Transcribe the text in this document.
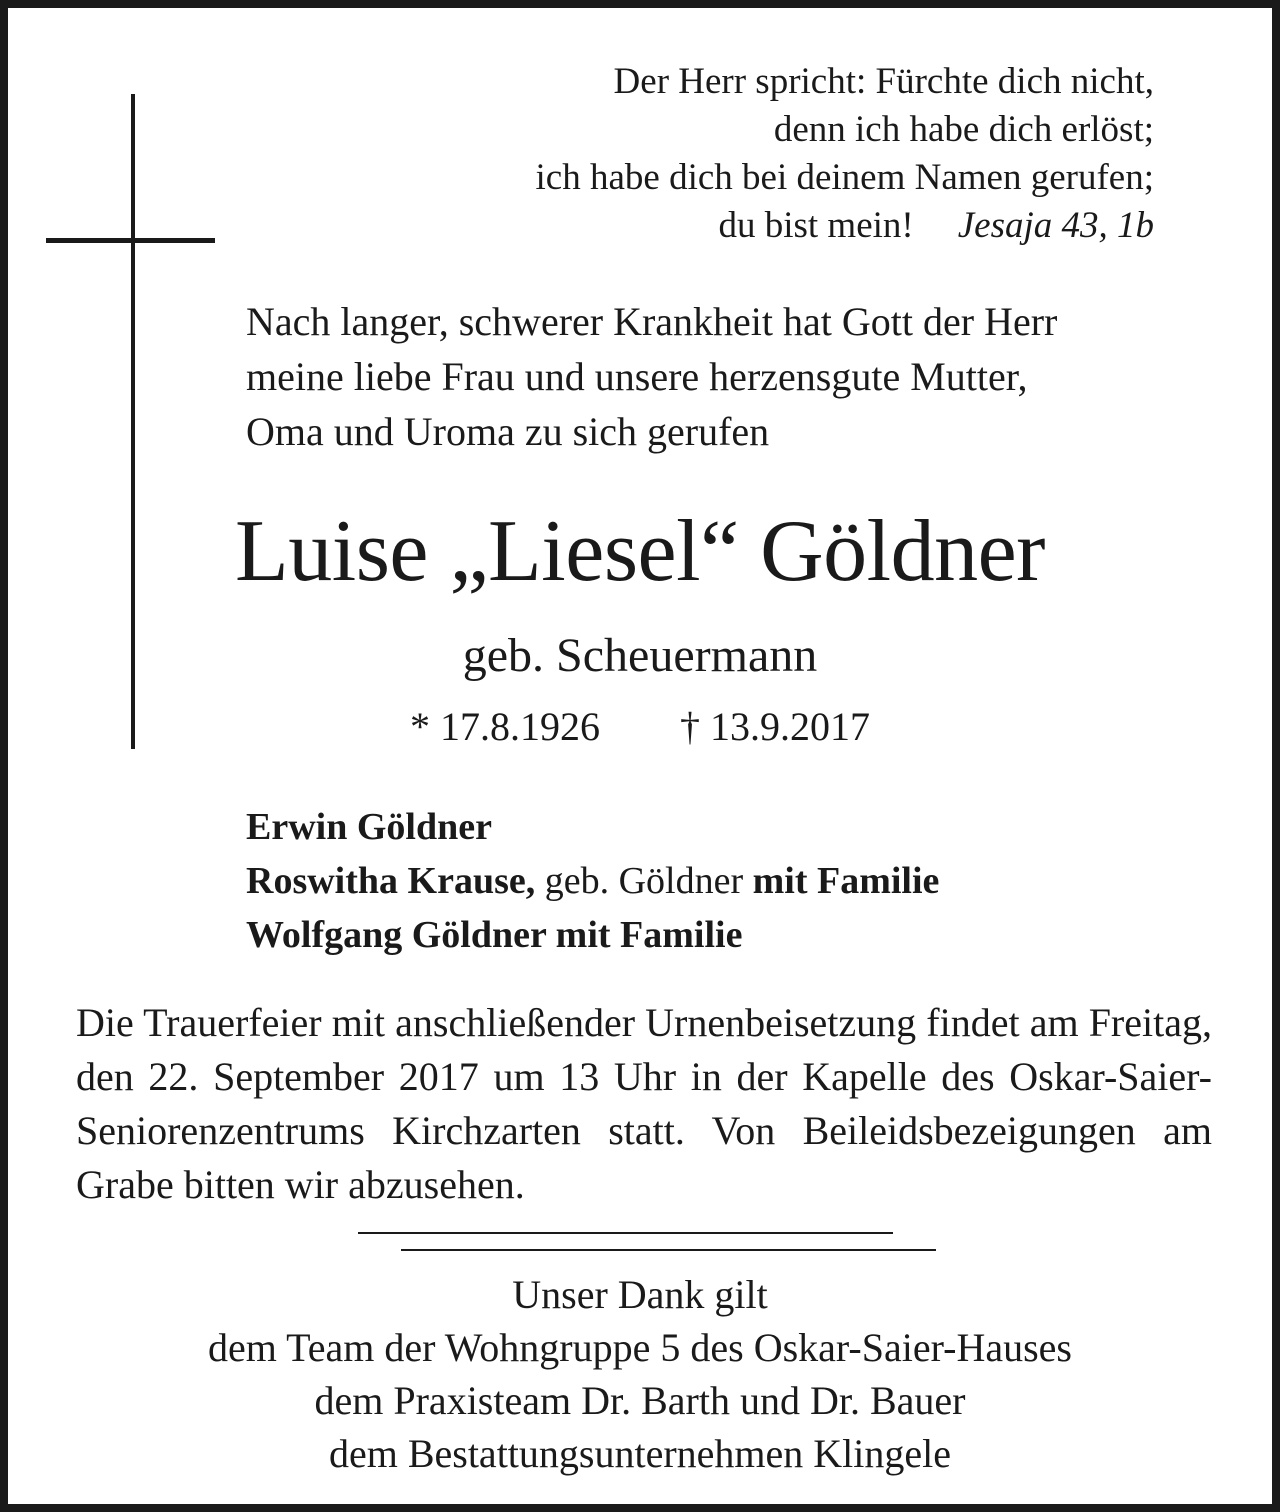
Der Herr spricht: Fürchte dich nicht,
denn ich habe dich erlöst;
ich habe dich bei deinem Namen gerufen;
du bist mein! Jesaja 43, 1b
Nach langer, schwerer Krankheit hat Gott der Herr
meine liebe Frau und unsere herzensgute Mutter,
Oma und Uroma zu sich gerufen
Luise „Liesel“ Göldner
geb. Scheuermann
* 17.8.1926 † 13.9.2017
Erwin Göldner
Roswitha Krause, geb. Göldner mit Familie
Wolfgang Göldner mit Familie
Die Trauerfeier mit anschließender Urnenbeisetzung findet am Freitag, den 22. September 2017 um 13 Uhr in der Kapelle des Oskar-Saier-Seniorenzentrums Kirchzarten statt. Von Beileidsbezeigungen am Grabe bitten wir abzusehen.
Unser Dank gilt
dem Team der Wohngruppe 5 des Oskar-Saier-Hauses
dem Praxisteam Dr. Barth und Dr. Bauer
dem Bestattungsunternehmen Klingele
